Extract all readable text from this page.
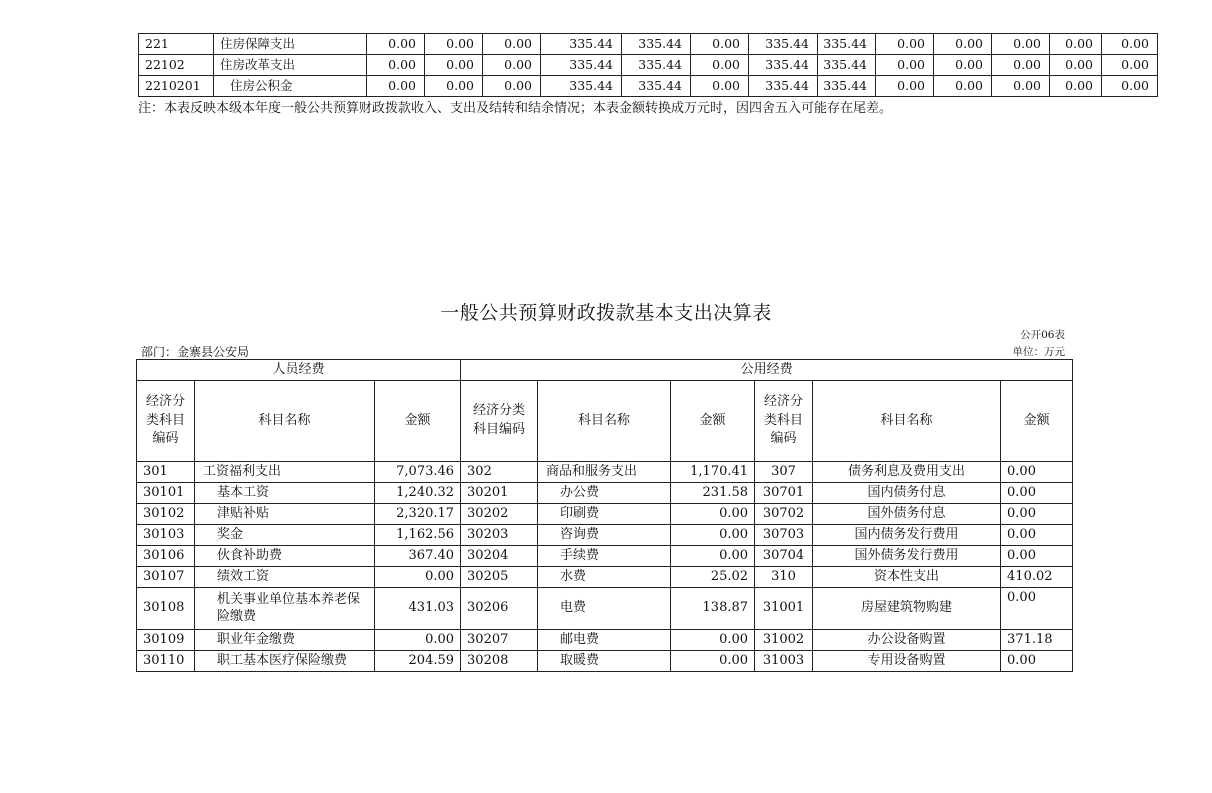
221	住房保障支出	0.00	0.00	0.00	335.44	335.44	0.00	335.44	335.44	0.00	0.00	0.00	0.00	0.00
22102	住房改革支出	0.00	0.00	0.00	335.44	335.44	0.00	335.44	335.44	0.00	0.00	0.00	0.00	0.00
2210201	住房公积金	0.00	0.00	0.00	335.44	335.44	0.00	335.44	335.44	0.00	0.00	0.00	0.00	0.00
注：本表反映本级本年度一般公共预算财政拨款收入、支出及结转和结余情况；本表金额转换成万元时，因四舍五入可能存在尾差。
一般公共预算财政拨款基本支出决算表
公开06表
部门：金寨县公安局	单位：万元
人员经费			公用经费					
经济分类科目编码	科目名称	金额	经济分类科目编码	科目名称	金额	经济分类科目编码	科目名称	金额
301	工资福利支出	7,073.46	302	商品和服务支出	1,170.41	307	债务利息及费用支出	0.00
30101	基本工资	1,240.32	30201	办公费	231.58	30701	国内债务付息	0.00
30102	津贴补贴	2,320.17	30202	印刷费	0.00	30702	国外债务付息	0.00
30103	奖金	1,162.56	30203	咨询费	0.00	30703	国内债务发行费用	0.00
30106	伙食补助费	367.40	30204	手续费	0.00	30704	国外债务发行费用	0.00
30107	绩效工资	0.00	30205	水费	25.02	310	资本性支出	410.02
30108	机关事业单位基本养老保险缴费	431.03	30206	电费	138.87	31001	房屋建筑物购建	0.00
30109	职业年金缴费	0.00	30207	邮电费	0.00	31002	办公设备购置	371.18
30110	职工基本医疗保险缴费	204.59	30208	取暖费	0.00	31003	专用设备购置	0.00
